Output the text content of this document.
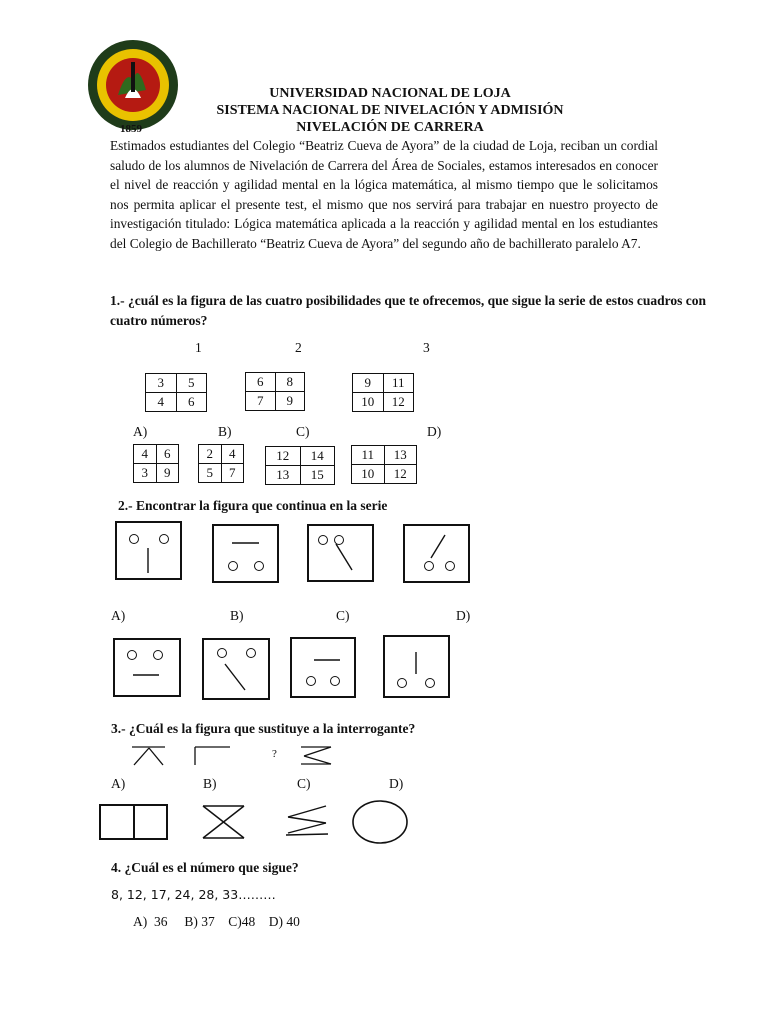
1859
UNIVERSIDAD NACIONAL DE LOJA
SISTEMA NACIONAL DE NIVELACIÓN Y ADMISIÓN
NIVELACIÓN DE CARRERA
Estimados estudiantes del Colegio “Beatriz Cueva de Ayora” de la ciudad de Loja, reciban un cordial saludo de los alumnos de Nivelación de Carrera del Área de Sociales, estamos interesados en conocer el nivel de reacción y agilidad mental en la lógica matemática, al mismo tiempo que le solicitamos nos permita aplicar el presente test, el mismo que nos servirá para trabajar en nuestro proyecto de investigación titulado: Lógica matemática aplicada a la reacción y agilidad mental en los estudiantes del Colegio de Bachillerato “Beatriz Cueva de Ayora” del segundo año de bachillerato paralelo A7.
1.- ¿cuál es la figura de las cuatro posibilidades que te ofrecemos, que sigue la serie de estos cuadros con cuatro números?
1	2	3
3	5
4	6
6	8
7	9
9	11
10	12
A)	B)	C)	D)
4	6
3	9
2	4
5	7
12	14
13	15
11	13
10	12
2.- Encontrar la figura que continua en la serie
A)	B)	C)	D)
3.- ¿Cuál es la figura que sustituye a la interrogante?
?
A)	B)	C)	D)
4. ¿Cuál es el número que sigue?
8, 12, 17, 24, 28, 33………
A)  36     B) 37    C)48    D) 40
